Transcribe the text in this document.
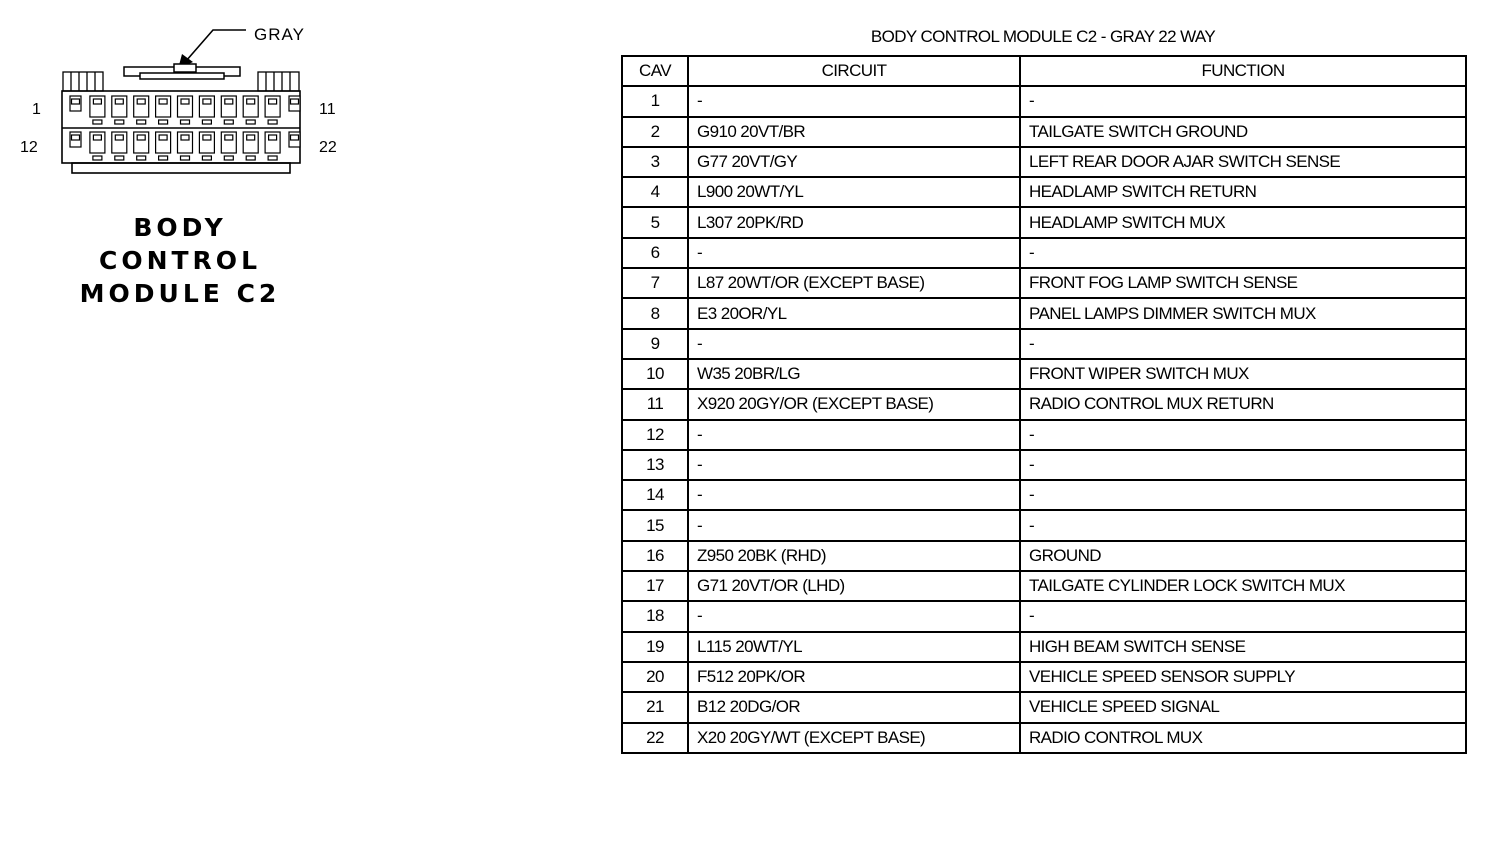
GRAY
1	11
12	22
BODY
CONTROL
MODULE C2
BODY CONTROL MODULE C2 - GRAY 22 WAY
CAV	CIRCUIT	FUNCTION
1	-	-
2	G910 20VT/BR	TAILGATE SWITCH GROUND
3	G77 20VT/GY	LEFT REAR DOOR AJAR SWITCH SENSE
4	L900 20WT/YL	HEADLAMP SWITCH RETURN
5	L307 20PK/RD	HEADLAMP SWITCH MUX
6	-	-
7	L87 20WT/OR (EXCEPT BASE)	FRONT FOG LAMP SWITCH SENSE
8	E3 20OR/YL	PANEL LAMPS DIMMER SWITCH MUX
9	-	-
10	W35 20BR/LG	FRONT WIPER SWITCH MUX
11	X920 20GY/OR (EXCEPT BASE)	RADIO CONTROL MUX RETURN
12	-	-
13	-	-
14	-	-
15	-	-
16	Z950 20BK (RHD)	GROUND
17	G71 20VT/OR (LHD)	TAILGATE CYLINDER LOCK SWITCH MUX
18	-	-
19	L115 20WT/YL	HIGH BEAM SWITCH SENSE
20	F512 20PK/OR	VEHICLE SPEED SENSOR SUPPLY
21	B12 20DG/OR	VEHICLE SPEED SIGNAL
22	X20 20GY/WT (EXCEPT BASE)	RADIO CONTROL MUX
